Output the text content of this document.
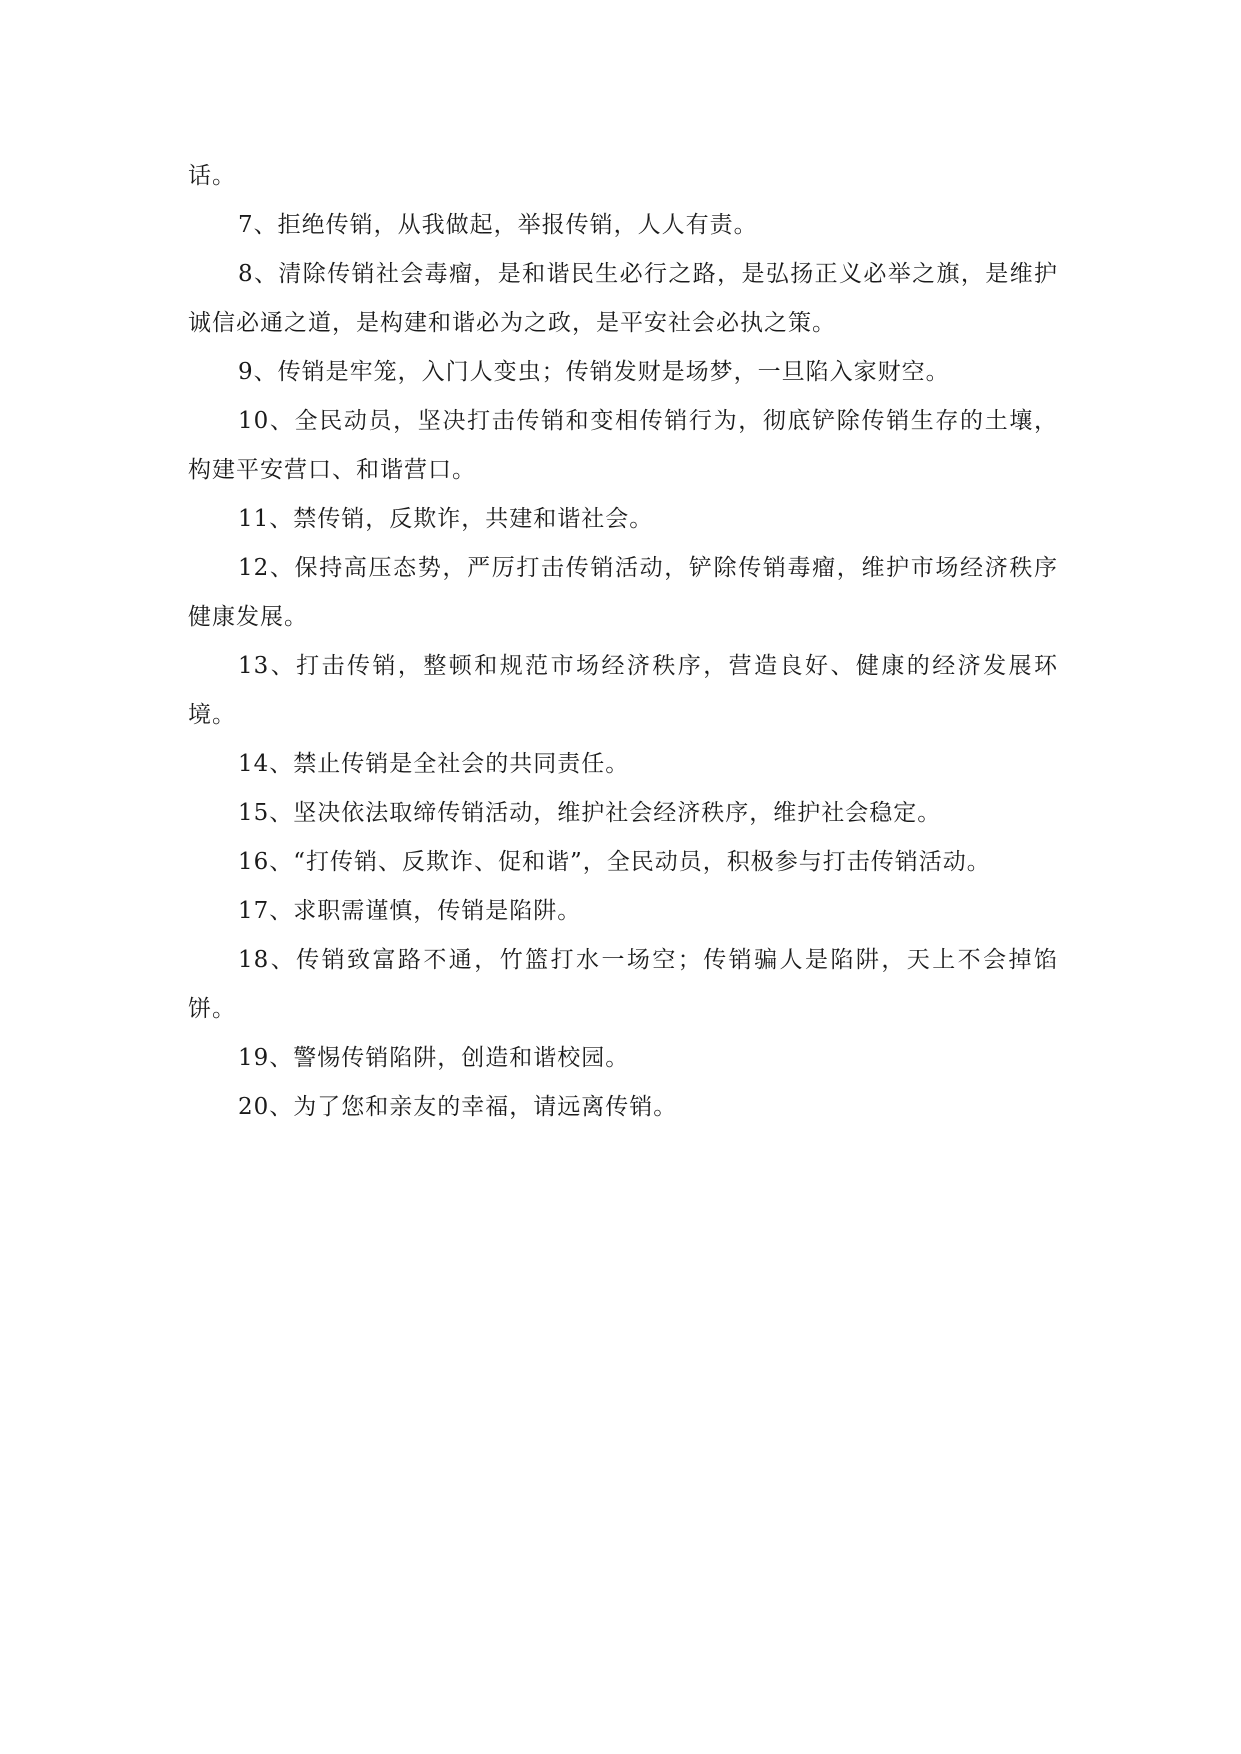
话。

7、拒绝传销，从我做起，举报传销，人人有责。

8、清除传销社会毒瘤，是和谐民生必行之路，是弘扬正义必举之旗，是维护诚信必通之道，是构建和谐必为之政，是平安社会必执之策。

9、传销是牢笼，入门人变虫；传销发财是场梦，一旦陷入家财空。

10、全民动员，坚决打击传销和变相传销行为，彻底铲除传销生存的土壤，构建平安营口、和谐营口。

11、禁传销，反欺诈，共建和谐社会。

12、保持高压态势，严厉打击传销活动，铲除传销毒瘤，维护市场经济秩序健康发展。

13、打击传销，整顿和规范市场经济秩序，营造良好、健康的经济发展环境。

14、禁止传销是全社会的共同责任。

15、坚决依法取缔传销活动，维护社会经济秩序，维护社会稳定。

16、“打传销、反欺诈、促和谐”，全民动员，积极参与打击传销活动。

17、求职需谨慎，传销是陷阱。

18、传销致富路不通，竹篮打水一场空；传销骗人是陷阱，天上不会掉馅饼。

19、警惕传销陷阱，创造和谐校园。

20、为了您和亲友的幸福，请远离传销。
